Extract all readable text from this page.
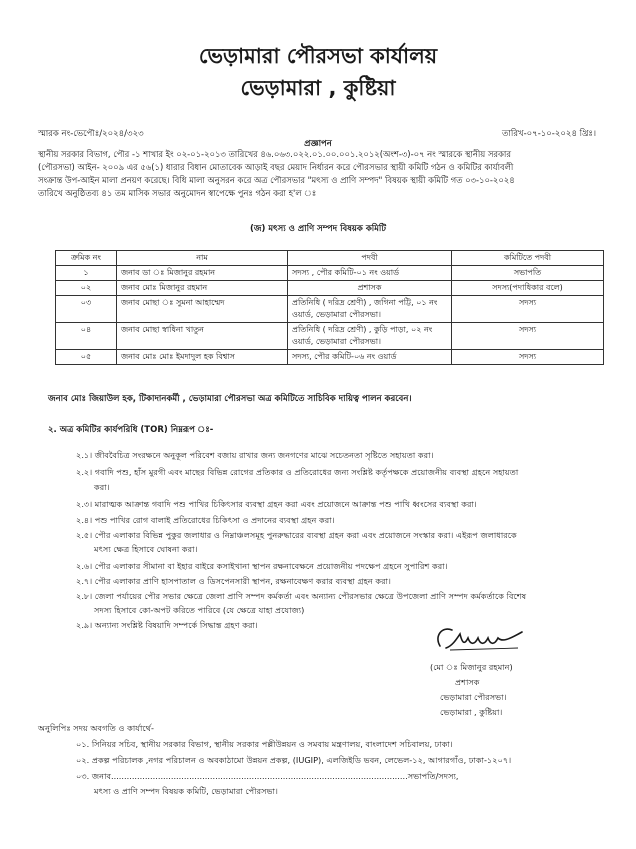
ভেড়ামারা পৌরসভা কার্যালয়
ভেড়ামারা , কুষ্টিয়া
স্মারক নং-ভেপৌঃ/২০২৪/৩২৩	তারিখ-০৭-১০-২০২৪ খ্রিঃ।
প্রজ্ঞাপন
স্থানীয় সরকার বিভাগ, পৌর -১ শাখার ইং ০২-০১-২০১৩ তারিখের ৪৬.০৬৩.০২২.০১.০০.০০১.২০১২(অংশ-৩)-০৭ নং স্মারকে স্থানীয় সরকার
(পৌরসভা) আইন- ২০০৯ এর ৫৬(১) ধারার বিধান মোতাবেক আড়াই বছর মেয়াদ নির্ধারন করে পৌরসভার স্থায়ী কমিটি গঠন ও কমিটির কার্যাবলী
সংক্রান্ত উপ-আইন মালা প্রনয়ণ করেছে। বিধি মালা অনুসরন করে অত্র পৌরসভার "মৎস্য ও প্রাণি সম্পদ" বিষয়ক স্থায়ী কমিটি গত ০৩-১০-২০২৪
তারিখে অনুষ্ঠিতব্য ৪১ তম মাসিক সভার অনুমোদন স্বাপেক্ষে পুনঃ গঠন করা হ'ল ঃ
(জ) মৎস্য ও প্রাণি সম্পদ বিষয়ক কমিটি
ক্রমিক নং	নাম	পদবী	কমিটিতে পদবী
১	জনাব ডা ঃ মিজানুর রহমান	সদস্য , পৌর কমিটি-০১ নং ওয়ার্ড	সভাপতি
০২	জনাব মোঃ মিজানুর রহমান	প্রশাসক	সদস্য(পদাধিকার বলে)
০৩	জনাব মোছা ঃ সুমনা আহাম্মেদ	প্রতিনিধি ( দরিদ্র শ্রেণী) , জগিনা পট্টি, ০১ নং ওয়ার্ড, ভেড়ামারা পৌরসভা।	সদস্য
০৪	জনাব মোছা স্বাধিনা খাতুন	প্রতিনিধি ( দরিদ্র শ্রেণী) , কুড়ি পাড়া, ০২ নং ওয়ার্ড, ভেড়ামারা পৌরসভা।	সদস্য
০৫	জনাব মোঃ মোঃ ইমদাদুল হক বিশ্বাস	সদস্য, পৌর কমিটি-০৬ নং ওয়ার্ড	সদস্য
জনাব মোঃ জিয়াউল হক, টিকাদানকর্মী , ভেড়ামারা পৌরসভা অত্র কমিটিতে সাচিবিক দায়িত্ব পালন করবেন।
২. অত্র কমিটির কার্যপরিধি (TOR) নিম্নরূপ ঃ-
২.১। জীববৈচিত্র সংরক্ষনে অনুকূল পরিবেশ বজায় রাখার জন্য জনগণের মাঝে সচেতনতা সৃষ্টিতে সহায়তা করা।
২.২। গবাদি পশু, হাঁস মুরগী এবং মাছের বিভিন্ন রোগের প্রতিকার ও প্রতিরোধের জন্য সংশ্লিষ্ট কর্তৃপক্ষকে প্রয়োজনীয় ব্যবস্থা গ্রহনে সহায়তা
করা।
২.৩। মারাত্মক আক্রান্ত গবাদি পশু পাখির চিকিৎসার ব্যবস্থা গ্রহন করা এবং প্রয়োজনে আক্রান্ত পশু পাখি ধ্বংসের ব্যবস্থা করা।
২.৪। পশু পাখির রোগ বালাই প্রতিরোধের চিকিৎসা ও প্রদানের ব্যবস্থা গ্রহন করা।
২.৫। পৌর এলাকার বিভিন্ন পুকুর জলাধার ও নিম্নাঞ্চলসমূহ পুনরুদ্ধারের ব্যবস্থা গ্রহন করা এবং প্রয়োজনে সংস্কার করা। এইরূপ জলাধারকে
মৎস্য ক্ষেত্র হিসাবে ঘোষনা করা।
২.৬। পৌর এলাকার সীমানা বা ইহার বাইরে কসাইখানা স্থাপন রক্ষনাবেক্ষনে প্রয়োজনীয় পদক্ষেপ গ্রহনে সুপারিশ করা।
২.৭। পৌর এলাকার প্রাণি হাসপাতাল ও ডিসপেনসারী স্থাপন, রক্ষনাবেক্ষণ করার ব্যবস্থা গ্রহন করা।
২.৮। জেলা পর্যায়ের পৌর সভার ক্ষেত্রে জেলা প্রাণি সম্পদ কর্মকর্তা এবং অন্যান্য পৌরসভার ক্ষেত্রে উপজেলা প্রাণি সম্পদ কর্মকর্তাকে বিশেষ
সদস্য হিসাবে কো-অপট করিতে পারিবে (যে ক্ষেত্রে যাহা প্রযোজ্য)
২.৯। অন্যান্য সংশ্লিষ্ট বিষয়াদি সম্পর্কে সিদ্ধান্ত গ্রহণ করা।
(মো ঃ মিজানুর রহমান)
প্রশাসক
ভেড়ামারা পৌরসভা।
ভেড়ামারা , কুষ্টিয়া।
অনুলিপিঃ সদয় অবগতি ও কার্যার্থে-
০১. সিনিয়র সচিব, স্থানীয় সরকার বিভাগ, স্থানীয় সরকার পল্লীউন্নয়ন ও সমবায় মন্ত্রণালয়, বাংলাদেশ সচিবালয়, ঢাকা।
০২. প্রকল্প পরিচালক ,নগর পরিচালন ও অবকাঠামো উন্নয়ন প্রকল্প, (IUGIP), এলজিইডি ভবন, লেভেল-১২, আগারগাঁও, ঢাকা-১২০৭।
০৩. জনাব..................................................................................................................সভাপতি/সদস্য,
মৎস্য ও প্রাণি সম্পদ বিষয়ক কমিটি, ভেড়ামারা পৌরসভা।
